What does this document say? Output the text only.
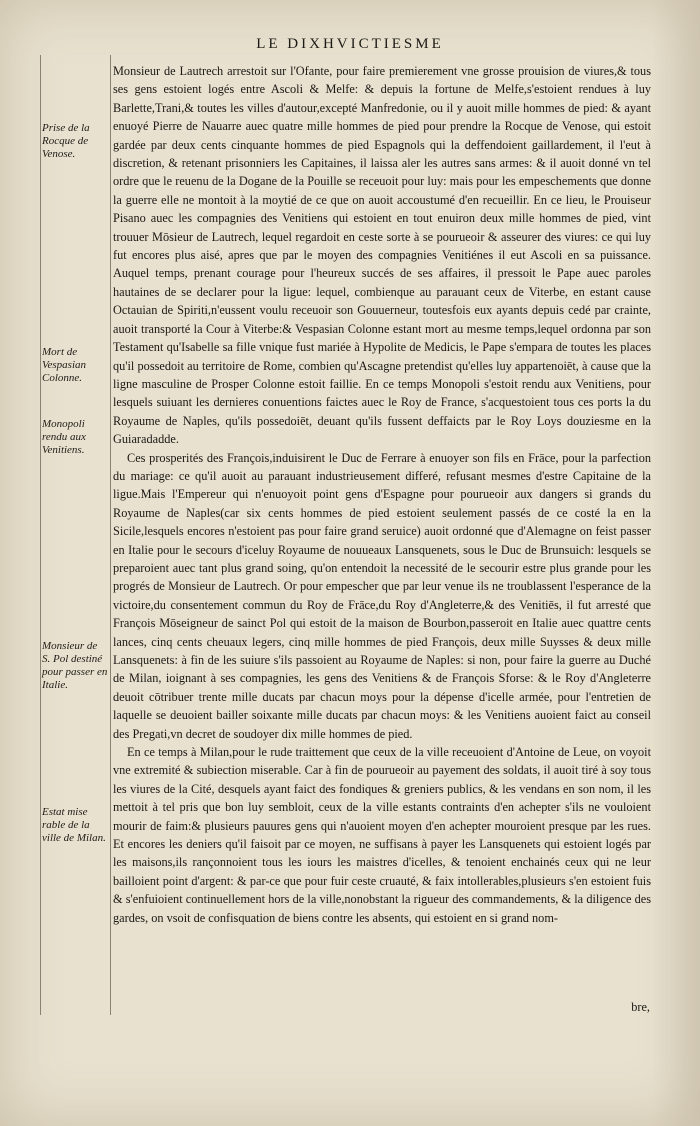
LE DIXHVICTIESME
Prise de la Rocque de Venose.
Mort de Vespasian Colonne.
Monopoli rendu aux Venitiens.
Monsieur de S. Pol destiné pour passer en Italie.
Estat mise rable de la ville de Milan.

Monsieur de Lautrech arrestoit sur l'Ofante, pour faire premierement vne grosse prouision de viures,& tous ses gens estoient logés entre Ascoli & Melfe: & depuis la fortune de Melfe,s'estoient rendues à luy Barlette,Trani,& toutes les villes d'autour,excepté Manfredonie, ou il y auoit mille hommes de pied: & ayant enuoyé Pierre de Nauarre auec quatre mille hommes de pied pour prendre la Rocque de Venose, qui estoit gardée par deux cents cinquante hommes de pied Espagnols qui la deffendoient gaillardement, il l'eut à discretion, & retenant prisonniers les Capitaines, il laissa aler les autres sans armes: & il auoit donné vn tel ordre que le reuenu de la Dogane de la Pouille se receuoit pour luy: mais pour les empeschements que donne la guerre elle ne montoit à la moytié de ce que on auoit accoustumé d'en recueillir. En ce lieu, le Prouiseur Pisano auec les compagnies des Venitiens qui estoient en tout enuiron deux mille hommes de pied, vint trouuer Mōsieur de Lautrech, lequel regardoit en ceste sorte à se pourueoir & asseurer des viures: ce qui luy fut encores plus aisé, apres que par le moyen des compagnies Venitiénes il eut Ascoli en sa puissance. Auquel temps, prenant courage pour l'heureux succés de ses affaires, il pressoit le Pape auec paroles hautaines de se declarer pour la ligue: lequel, combienque au parauant ceux de Viterbe, en estant cause Octauian de Spiriti,n'eussent voulu receuoir son Gouuerneur, toutesfois eux ayants depuis cedé par crainte, auoit transporté la Cour à Viterbe:& Vespasian Colonne estant mort au mesme temps,lequel ordonna par son Testament qu'Isabelle sa fille vnique fust mariée à Hypolite de Medicis, le Pape s'empara de toutes les places qu'il possedoit au territoire de Rome, combien qu'Ascagne pretendist qu'elles luy appartenoiēt, à cause que la ligne masculine de Prosper Colonne estoit faillie. En ce temps Monopoli s'estoit rendu aux Venitiens, pour lesquels suiuant les dernieres conuentions faictes auec le Roy de France, s'acquestoient tous ces ports la du Royaume de Naples, qu'ils possedoiēt, deuant qu'ils fussent deffaicts par le Roy Loys douziesme en la Guiaradadde.

Ces prosperités des François,induisirent le Duc de Ferrare à enuoyer son fils en Frāce, pour la parfection du mariage: ce qu'il auoit au parauant industrieusement differé, refusant mesmes d'estre Capitaine de la ligue.Mais l'Empereur qui n'enuoyoit point gens d'Espagne pour pourueoir aux dangers si grands du Royaume de Naples(car six cents hommes de pied estoient seulement passés de ce costé la en la Sicile,lesquels encores n'estoient pas pour faire grand seruice) auoit ordonné que d'Alemagne on feist passer en Italie pour le secours d'iceluy Royaume de nouueaux Lansquenets, sous le Duc de Brunsuich: lesquels se preparoient auec tant plus grand soing, qu'on entendoit la necessité de le secourir estre plus grande pour les progrés de Monsieur de Lautrech. Or pour empescher que par leur venue ils ne troublassent l'esperance de la victoire,du consentement commun du Roy de Frāce,du Roy d'Angleterre,& des Venitiēs, il fut arresté que François Mōseigneur de sainct Pol qui estoit de la maison de Bourbon,passeroit en Italie auec quattre cents lances, cinq cents cheuaux legers, cinq mille hommes de pied François, deux mille Suysses & deux mille Lansquenets: à fin de les suiure s'ils passoient au Royaume de Naples: si non, pour faire la guerre au Duché de Milan, ioignant à ses compagnies, les gens des Venitiens & de François Sforse: & le Roy d'Angleterre deuoit cōtribuer trente mille ducats par chacun moys pour la dépense d'icelle armée, pour l'entretien de laquelle se deuoient bailler soixante mille ducats par chacun moys: & les Venitiens auoient faict au conseil des Pregati,vn decret de soudoyer dix mille hommes de pied.

En ce temps à Milan,pour le rude traittement que ceux de la ville receuoient d'Antoine de Leue, on voyoit vne extremité & subiection miserable. Car à fin de pourueoir au payement des soldats, il auoit tiré à soy tous les viures de la Cité, desquels ayant faict des fondiques & greniers publics, & les vendans en son nom, il les mettoit à tel pris que bon luy sembloit, ceux de la ville estants contraints d'en achepter s'ils ne vouloient mourir de faim:& plusieurs pauures gens qui n'auoient moyen d'en achepter mouroient presque par les rues. Et encores les deniers qu'il faisoit par ce moyen, ne suffisans à payer les Lansquenets qui estoient logés par les maisons,ils rançonnoient tous les iours les maistres d'icelles, & tenoient enchainés ceux qui ne leur bailloient point d'argent: & par-ce que pour fuir ceste cruauté, & faix intollerables,plusieurs s'en estoient fuis & s'enfuioient continuellement hors de la ville,nonobstant la rigueur des commandements, & la diligence des gardes, on vsoit de confisquation de biens contre les absents, qui estoient en si grand nom-

bre,
